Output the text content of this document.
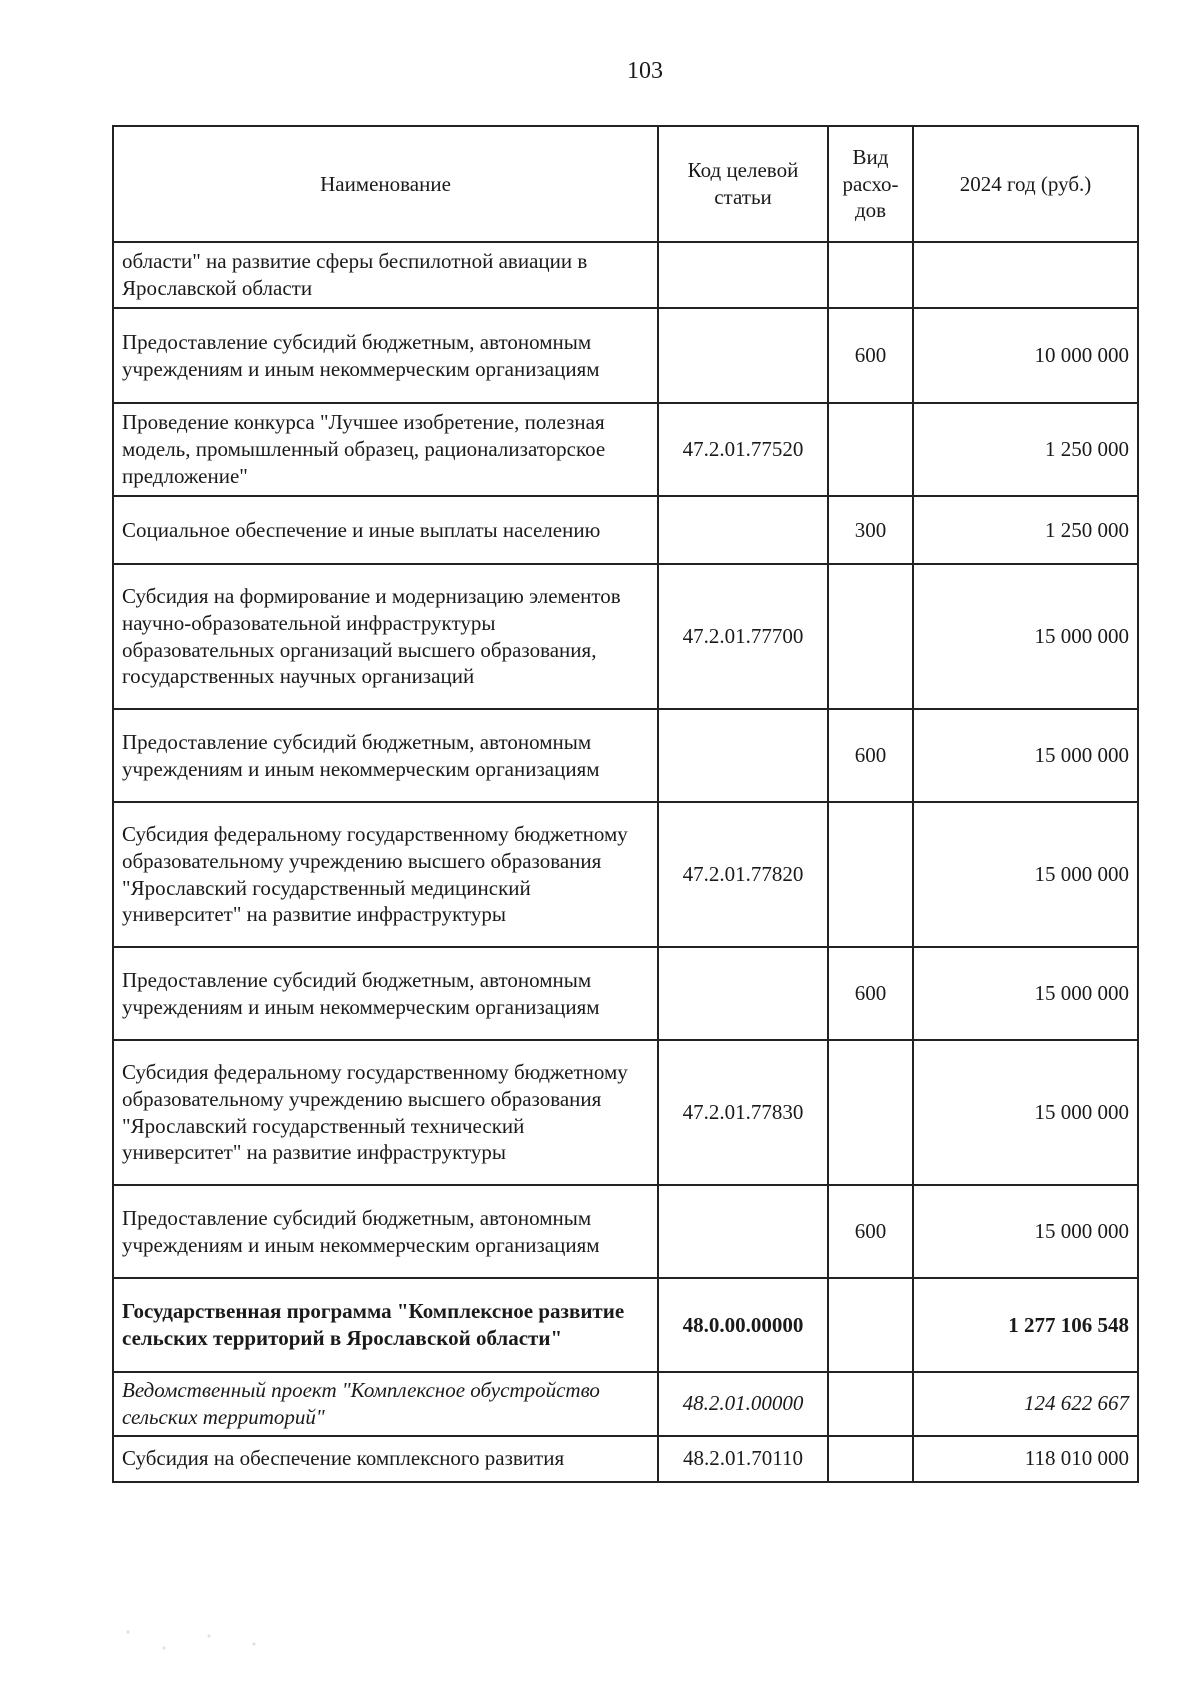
103
Наименование	Код целевой статьи	Вид расхо-дов	2024 год (руб.)
области" на развитие сферы беспилотной авиации в Ярославской области			
Предоставление субсидий бюджетным, автономным учреждениям и иным некоммерческим организациям		600	10 000 000
Проведение конкурса "Лучшее изобретение, полезная модель, промышленный образец, рационализаторское предложение"	47.2.01.77520		1 250 000
Социальное обеспечение и иные выплаты населению		300	1 250 000
Субсидия на формирование и модернизацию элементов научно-образовательной инфраструктуры образовательных организаций высшего образования, государственных научных организаций	47.2.01.77700		15 000 000
Предоставление субсидий бюджетным, автономным учреждениям и иным некоммерческим организациям		600	15 000 000
Субсидия федеральному государственному бюджетному образовательному учреждению высшего образования "Ярославский государственный медицинский университет" на развитие инфраструктуры	47.2.01.77820		15 000 000
Предоставление субсидий бюджетным, автономным учреждениям и иным некоммерческим организациям		600	15 000 000
Субсидия федеральному государственному бюджетному образовательному учреждению высшего образования "Ярославский государственный технический университет" на развитие инфраструктуры	47.2.01.77830		15 000 000
Предоставление субсидий бюджетным, автономным учреждениям и иным некоммерческим организациям		600	15 000 000
Государственная программа "Комплексное развитие сельских территорий в Ярославской области"	48.0.00.00000		1 277 106 548
Ведомственный проект "Комплексное обустройство сельских территорий"	48.2.01.00000		124 622 667
Субсидия на обеспечение комплексного развития	48.2.01.70110		118 010 000
